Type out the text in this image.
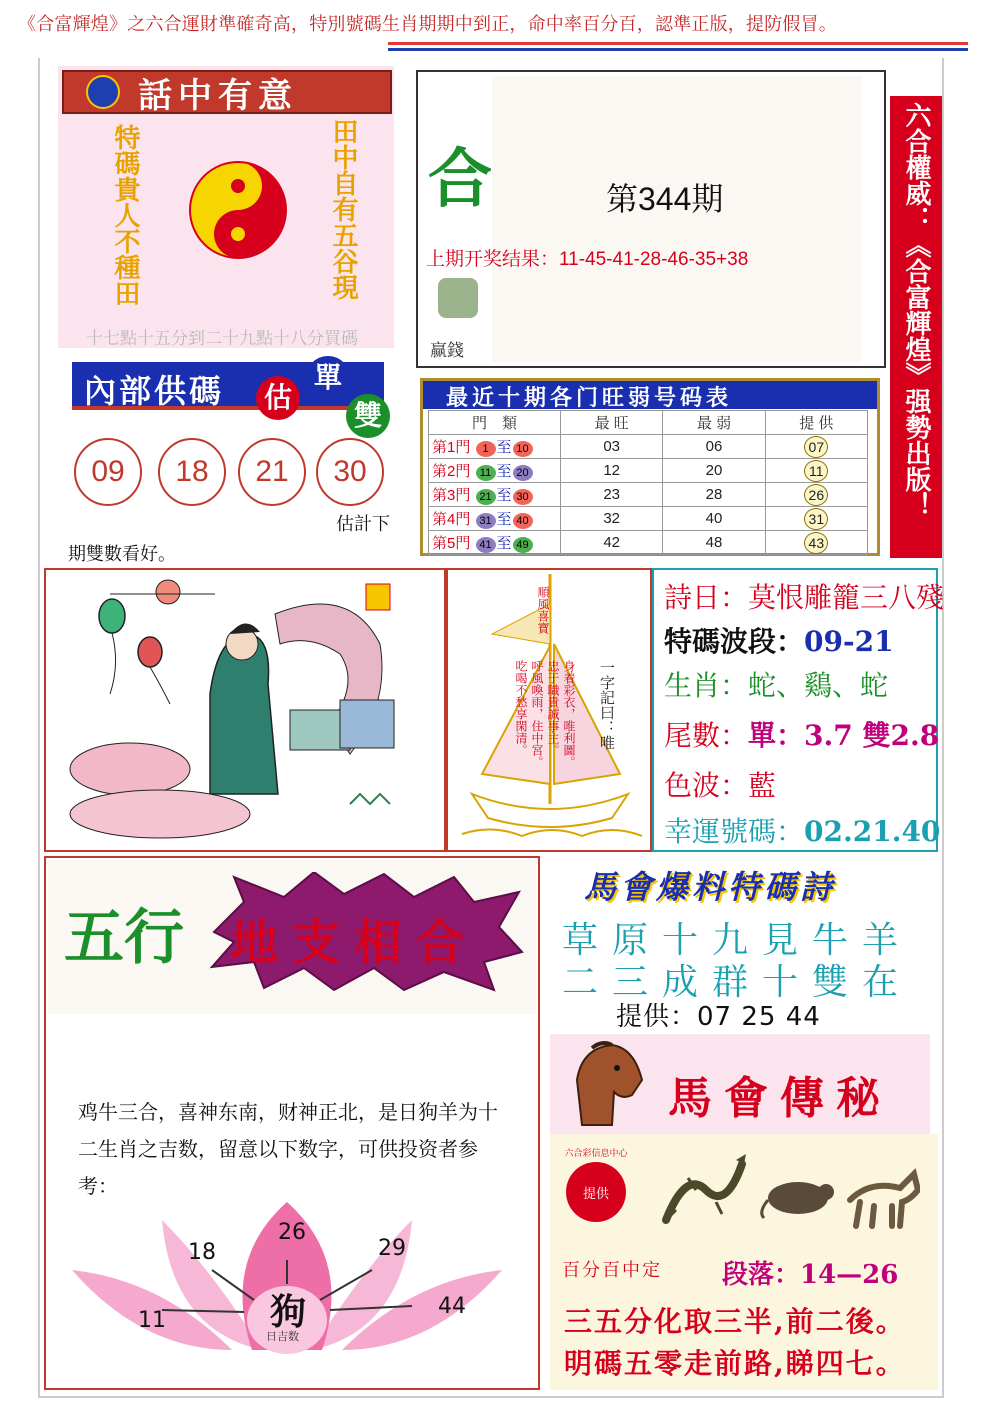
《合富輝煌》之六合運財準確奇高，特別號碼生肖期期中到正，命中率百分百，認準正版，提防假冒。
話中有意
特碼貴人不種田	田中自有五谷現
十七點十五分到二十九點十八分買碼
合	第344期
上期开奖结果：11-45-41-28-46-35+38
赢錢	六合權威：《合富輝煌》强勢出版！
內部供碼 估
單
雙
09	18	21	30
估計下
期雙數看好。
最近十期各门旺弱号码表
門　類	最 旺	最 弱	提 供
第1門 1 至 10	03	06	07
第2門 11 至 20	12	20	11
第3門 21 至 30	23	28	26
第4門 31 至 40	32	40	31
第5門 41 至 49	42	48	43
順風喜寶
一字記曰：唯
身着彩衣，唯利圖。
忠于職貴誠事主。
呼風喚雨，住中宮。
吃喝不愁享閑清。
詩日：莫恨雕籠三八殘
特碼波段：09-21
生肖：蛇、鷄、蛇
尾數：單：3.7 雙2.8
色波：藍
幸運號碼：02.21.40
五行 地支相合
鸡牛三合，喜神东南，财神正北，是日狗羊为十二生肖之吉数，留意以下数字，可供投资者参考：
11
18
26
29
44
狗
日吉数
馬會爆料特碼詩
草原十九見牛羊
二三成群十雙在
提供：07 25 44
馬會傳秘
提供
六合彩信息中心
百分百中定 段落：14—26
三五分化取三半,前二後。
明碼五零走前路,睇四七。
